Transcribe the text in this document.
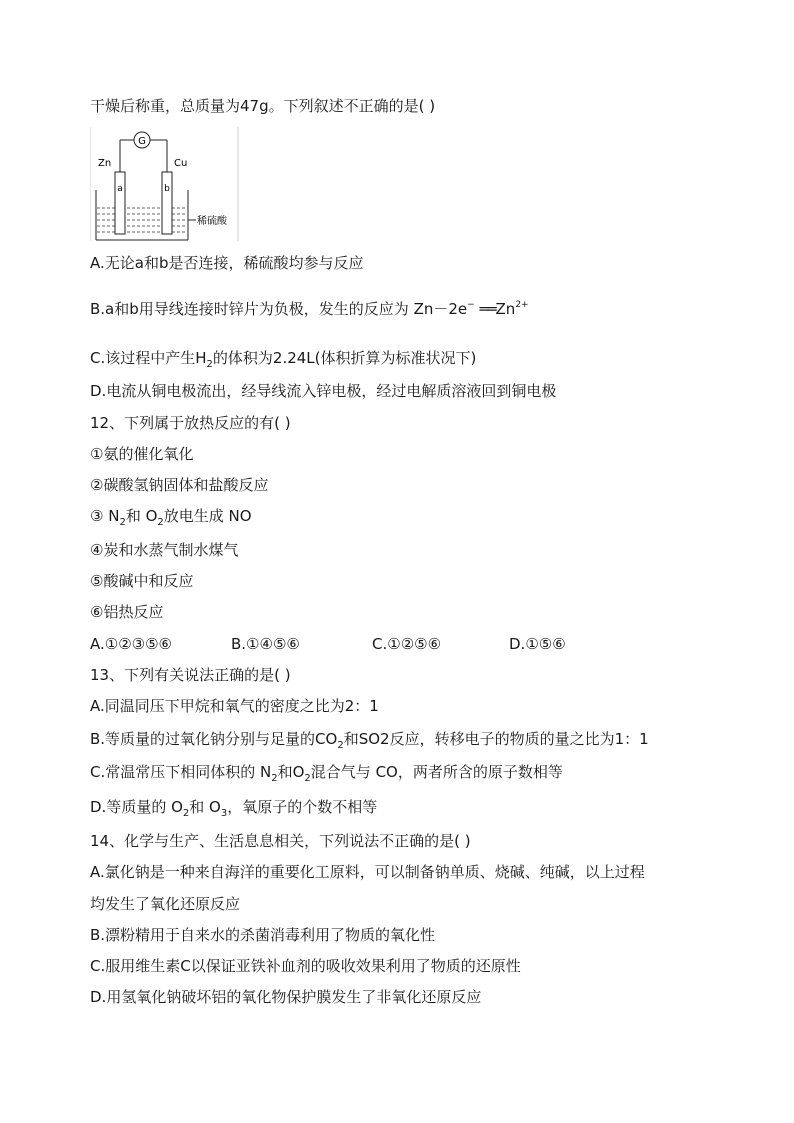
干燥后称重，总质量为47g。下列叙述不正确的是( )
G
Zn	Cu
a	b
稀硫酸
A.无论a和b是否连接，稀硫酸均参与反应
B.a和b用导线连接时锌片为负极，发生的反应为 Zn－2e− $══Zn^{2+}$
C.该过程中产生$H_2$的体积为2.24L(体积折算为标准状况下)
D.电流从铜电极流出，经导线流入锌电极，经过电解质溶液回到铜电极
12、下列属于放热反应的有( )
①氨的催化氧化
②碳酸氢钠固体和盐酸反应
③ $N_2$和 $O_2$放电生成 NO
④炭和水蒸气制水煤气
⑤酸碱中和反应
⑥铝热反应
A.①②③⑤⑥	B.①④⑤⑥	C.①②⑤⑥	D.①⑤⑥
13、下列有关说法正确的是( )
A.同温同压下甲烷和氧气的密度之比为2：1
B.等质量的过氧化钠分别与足量的$CO_2$和SO2反应，转移电子的物质的量之比为1：1
C.常温常压下相同体积的 $N_2$和$O_2$混合气与 CO，两者所含的原子数相等
D.等质量的 $O_2$和 $O_3$，氧原子的个数不相等
14、化学与生产、生活息息相关，下列说法不正确的是( )
A.氯化钠是一种来自海洋的重要化工原料，可以制备钠单质、烧碱、纯碱，以上过程
均发生了氧化还原反应
B.漂粉精用于自来水的杀菌消毒利用了物质的氧化性
C.服用维生素C以保证亚铁补血剂的吸收效果利用了物质的还原性
D.用氢氧化钠破坏铝的氧化物保护膜发生了非氧化还原反应
